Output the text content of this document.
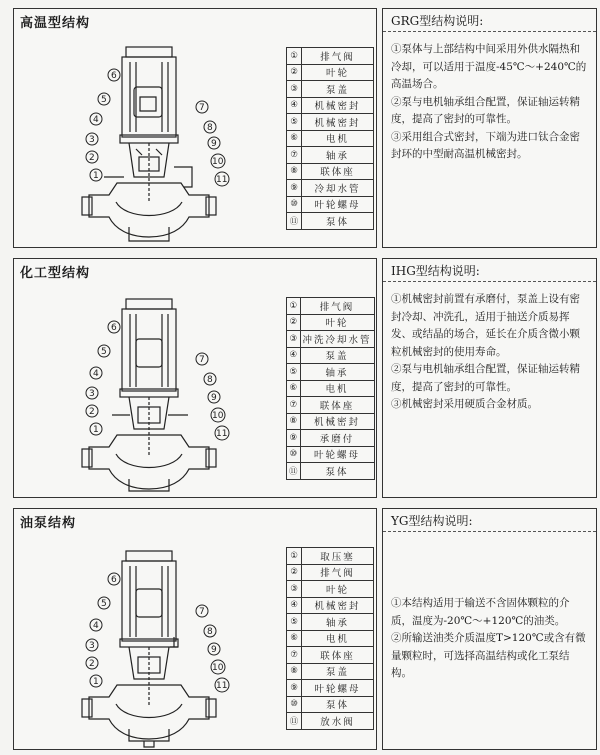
高温型结构
6
5
4
3
2
1
7
8
9
10
11
①	排气阀
②	叶轮
③	泵盖
④	机械密封
⑤	机械密封
⑥	电机
⑦	轴承
⑧	联体座
⑨	冷却水管
⑩	叶轮螺母
⑪	泵体
GRG型结构说明:

①泵体与上部结构中间采用外供水隔热和冷却，可以适用于温度-45℃～+240℃的高温场合。

②泵与电机轴承组合配置，保证轴运转精度，提高了密封的可靠性。

③采用组合式密封，下端为进口钛合金密封环的中型耐高温机械密封。

化工型结构
6
5
4
3
2
1
7
8
9
10
11
①	排气阀
②	叶轮
③	冲洗冷却水管
④	泵盖
⑤	轴承
⑥	电机
⑦	联体座
⑧	机械密封
⑨	承磨付
⑩	叶轮螺母
⑪	泵体
IHG型结构说明:

①机械密封前置有承磨付，泵盖上设有密封冷却、冲洗孔，适用于抽送介质易挥发、或结晶的场合，延长在介质含微小颗粒机械密封的使用寿命。

②泵与电机轴承组合配置，保证轴运转精度，提高了密封的可靠性。

③机械密封采用硬质合金材质。

油泵结构
6
5
4
3
2
1
7
8
9
10
11
①	取压塞
②	排气阀
③	叶轮
④	机械密封
⑤	轴承
⑥	电机
⑦	联体座
⑧	泵盖
⑨	叶轮螺母
⑩	泵体
⑪	放水阀
YG型结构说明:

①本结构适用于输送不含固体颗粒的介质，温度为-20℃～+120℃的油类。

②所输送油类介质温度T>120℃或含有微量颗粒时，可选择高温结构或化工泵结构。
